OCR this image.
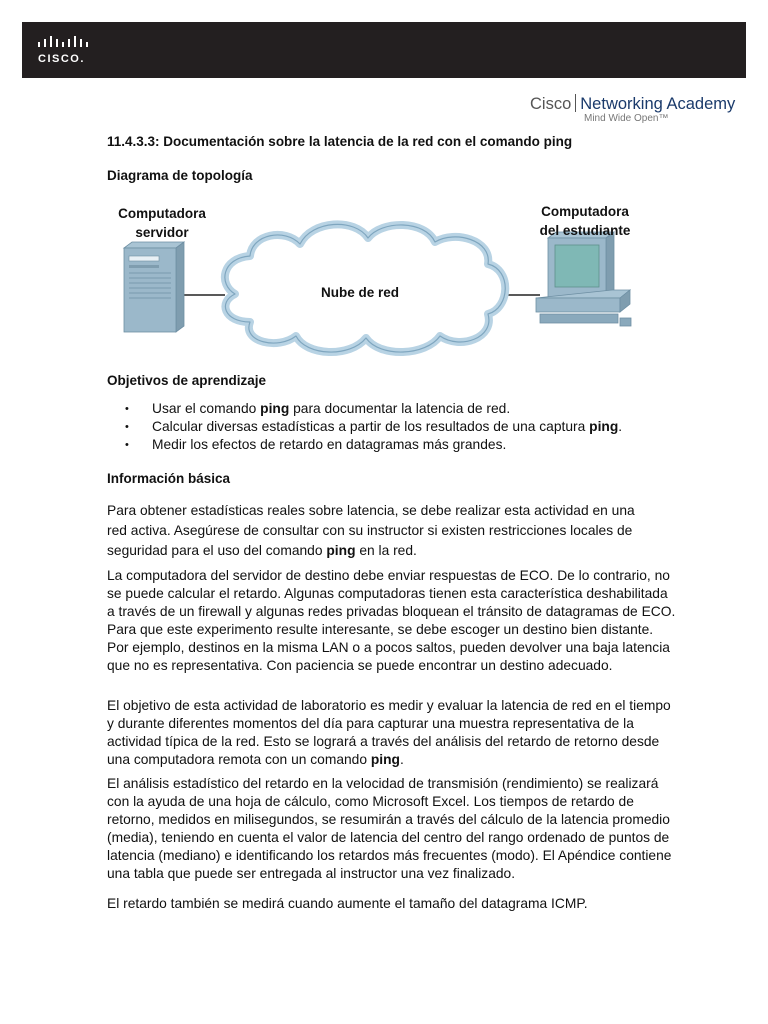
CISCO.
Cisco Networking Academy
Mind Wide Open™
11.4.3.3: Documentación sobre la latencia de la red con el comando ping
Diagrama de topología
Computadora
servidor
Computadora
del estudiante
Nube de red
Objetivos de aprendizaje
• Usar el comando ping para documentar la latencia de red.
• Calcular diversas estadísticas a partir de los resultados de una captura ping.
• Medir los efectos de retardo en datagramas más grandes.
Información básica
Para obtener estadísticas reales sobre latencia, se debe realizar esta actividad en una
red activa. Asegúrese de consultar con su instructor si existen restricciones locales de
seguridad para el uso del comando ping en la red.
La computadora del servidor de destino debe enviar respuestas de ECO. De lo contrario, no se puede calcular el retardo. Algunas computadoras tienen esta característica deshabilitada a través de un firewall y algunas redes privadas bloquean el tránsito de datagramas de ECO. Para que este experimento resulte interesante, se debe escoger un destino bien distante. Por ejemplo, destinos en la misma LAN o a pocos saltos, pueden devolver una baja latencia que no es representativa. Con paciencia se puede encontrar un destino adecuado.
El objetivo de esta actividad de laboratorio es medir y evaluar la latencia de red en el tiempo y durante diferentes momentos del día para capturar una muestra representativa de la actividad típica de la red. Esto se logrará a través del análisis del retardo de retorno desde una computadora remota con un comando ping.
El análisis estadístico del retardo en la velocidad de transmisión (rendimiento) se realizará con la ayuda de una hoja de cálculo, como Microsoft Excel. Los tiempos de retardo de retorno, medidos en milisegundos, se resumirán a través del cálculo de la latencia promedio (media), teniendo en cuenta el valor de latencia del centro del rango ordenado de puntos de latencia (mediano) e identificando los retardos más frecuentes (modo). El Apéndice contiene una tabla que puede ser entregada al instructor una vez finalizado.
El retardo también se medirá cuando aumente el tamaño del datagrama ICMP.
